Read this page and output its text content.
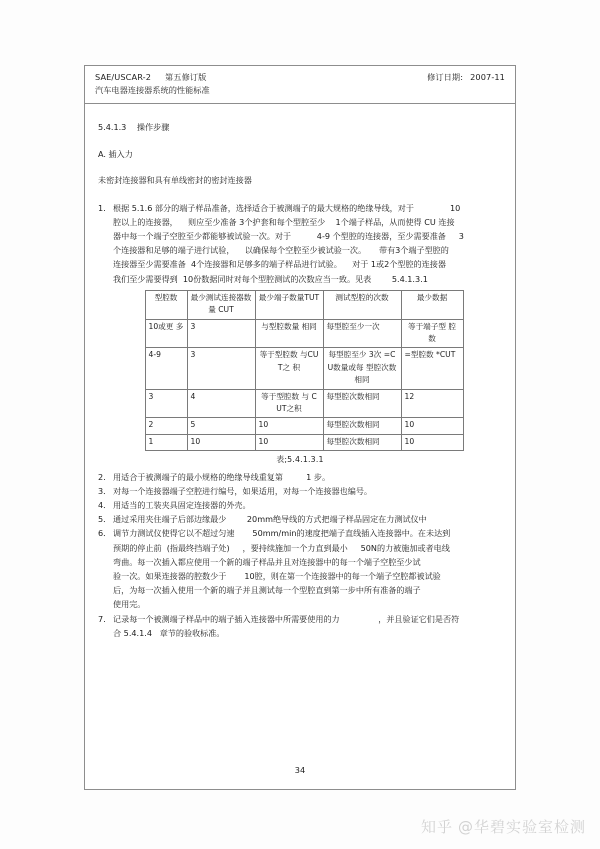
SAE/USCAR-2 第五修订版	修订日期: 2007-11
汽车电器连接器系统的性能标准
5.4.1.3 操作步骤
A. 插入力
未密封连接器和具有单线密封的密封连接器
1. 根据 5.1.6 部分的端子样品准备，选择适合于被测端子的最大规格的绝缘导线，对于              10
腔以上的连接器，    则应至少准备 3个护套和每个型腔至少    1个端子样品，从而使得 CU 连接
器中每一个端子空腔至少都能够被试验一次。对于          4-9 个型腔的连接器，至少需要准备     3
个连接器和足够的端子进行试验，    以确保每个空腔至少被试验一次。     带有3个端子型腔的
连接器至少需要准备  4个连接器和足够多的端子样品进行试验。    对于 1或2个型腔的连接器
我们至少需要得到  10份数据同时对每个型腔测试的次数应当一致。见表        5.4.1.3.1
型腔数	最少测试连接器数量 CUT	最少端子数量TUT	测试型腔的次数	最少数据
10或更 多	3	与型腔数量 相同	每型腔至少一次	等于端子型 腔数
4-9	3	等于型腔数 与CUT之 积	每型腔至少 3次 =CU数量或每 型腔次数相同	=型腔数 *CUT
3	4	等于型腔数 与 CUT之积	每型腔次数相同	12
2	5	10	每型腔次数相同	10
1	10	10	每型腔次数相同	10
表;5.4.1.3.1
2. 用适合于被测端子的最小规格的绝缘导线重复第         1 步。
3． 对每一个连接器端子空腔进行编号，如果适用，对每一个连接器也编号。
4． 用适当的工装夹具固定连接器的外壳。
5． 通过采用夹住端子后部边缘最少        20mm绝导线的方式把端子样品固定在力测试仪中
6． 调节力测试仪使得它以不超过匀速       50mm/min的速度把端子直线插入连接器中。在未达到
预期的停止前  (指最终挡端子处)     ，要持续施加一个力直到最小     50N的力被施加或者电线
弯曲。每一次插入都应使用一个新的端子样品并且对连接器中的每一个端子空腔至少试
验一次。如果连接器的腔数少于       10腔，则在第一个连接器中的每一个端子空腔都被试验
后，为每一次插入使用一个新的端子并且测试每一个型腔直到第一步中所有准备的端子
使用完。
7. 记录每一个被测端子样品中的端子插入连接器中所需要使用的力               ，并且验证它们是否符
合 5.4.1.4   章节的验收标准。
34
知乎 @华碧实验室检测
